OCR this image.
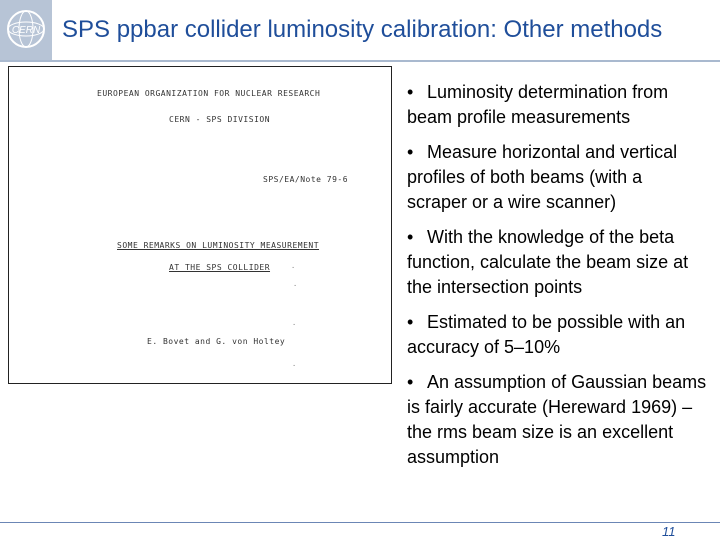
CERN SPS ppbar collider luminosity calibration: Other methods
EUROPEAN ORGANIZATION FOR NUCLEAR RESEARCH
CERN - SPS DIVISION
SPS/EA/Note 79-6
SOME REMARKS ON LUMINOSITY MEASUREMENT
AT THE SPS COLLIDER
E. Bovet and G. von Holtey
·
·
·
·
• Luminosity determination from beam profile measurements
• Measure horizontal and vertical profiles of both beams (with a scraper or a wire scanner)
• With the knowledge of the beta function, calculate the beam size at the intersection points
• Estimated to be possible with an accuracy of 5–10%
• An assumption of Gaussian beams is fairly accurate (Hereward 1969) – the rms beam size is an excellent assumption
11
